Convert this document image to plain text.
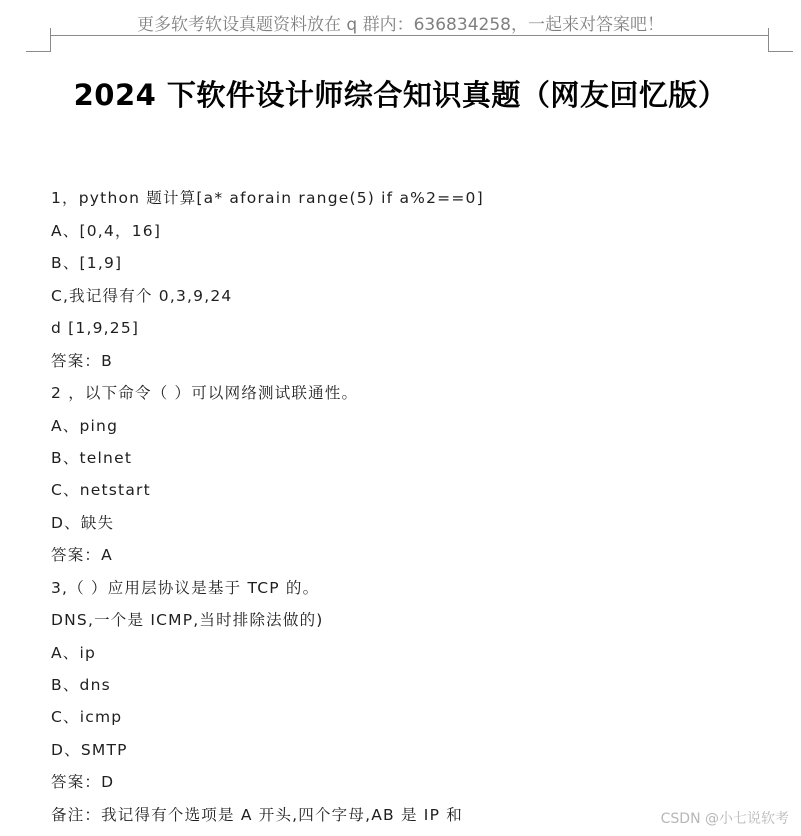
更多软考软设真题资料放在 q 群内：636834258，一起来对答案吧！
2024 下软件设计师综合知识真题（网友回忆版）
1，python 题计算[a* aforain range(5) if a%2==0]
A、[0,4，16]
B、[1,9]
C,我记得有个 0,3,9,24
d [1,9,25]
答案：B
2 ，以下命令（ ）可以网络测试联通性。
A、ping
B、telnet
C、netstart
D、缺失
答案：A
3,（ ）应用层协议是基于 TCP 的。
DNS,一个是 ICMP,当时排除法做的)
A、ip
B、dns
C、icmp
D、SMTP
答案：D
备注：我记得有个选项是 A 开头,四个字母,AB 是 IP 和	CSDN @小七说软考
